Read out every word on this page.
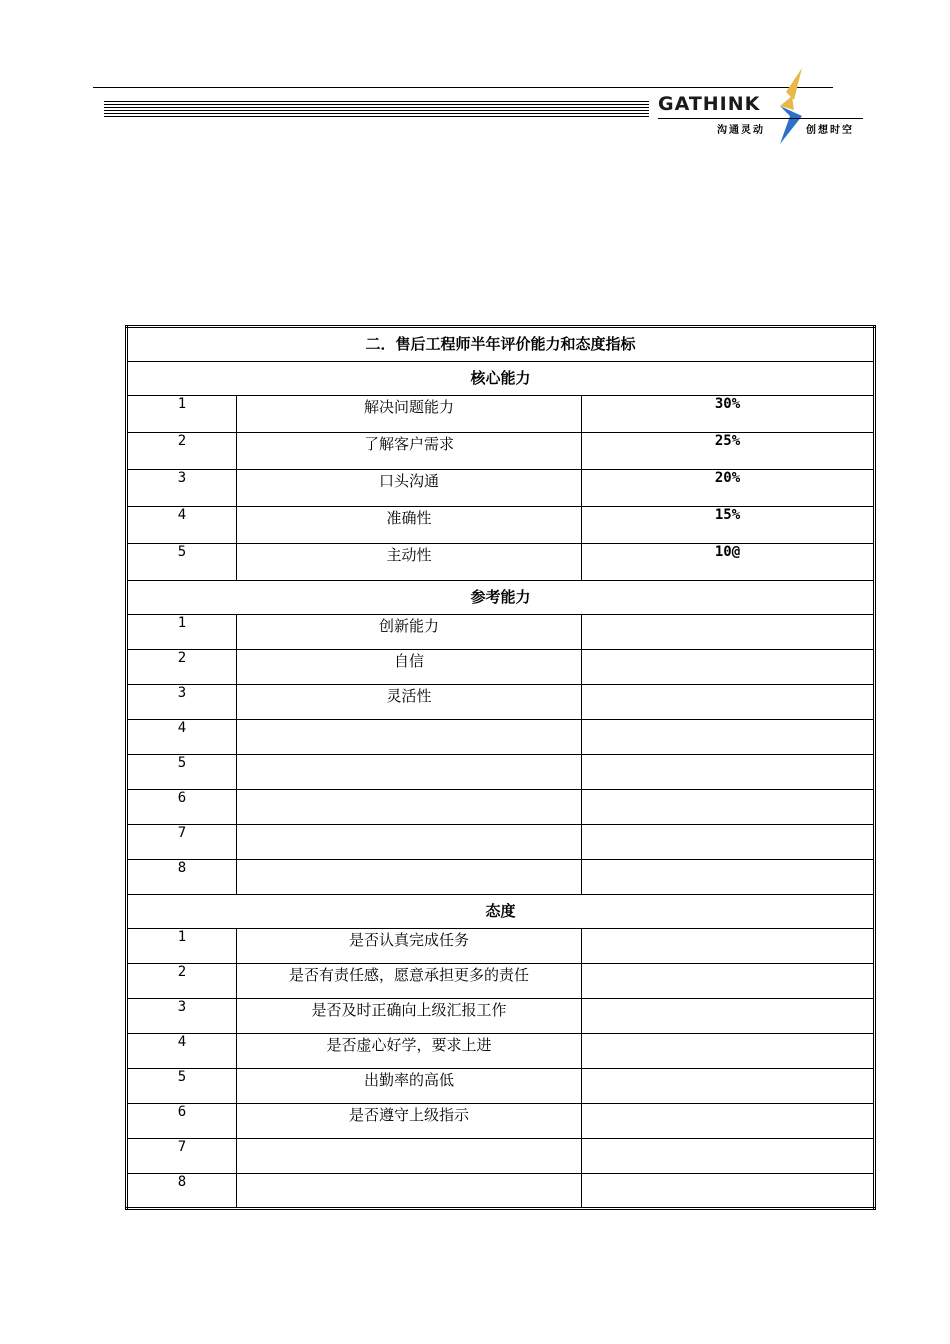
GATHINK
沟通灵动	创想时空
二．售后工程师半年评价能力和态度指标		
核心能力		
1	解决问题能力	30%
2	了解客户需求	25%
3	口头沟通	20%
4	准确性	15%
5	主动性	10@
参考能力		
1	创新能力	
2	自信	
3	灵活性	
4		
5		
6		
7		
8		
态度		
1	是否认真完成任务	
2	是否有责任感，愿意承担更多的责任	
3	是否及时正确向上级汇报工作	
4	是否虚心好学，要求上进	
5	出勤率的高低	
6	是否遵守上级指示	
7		
8		
